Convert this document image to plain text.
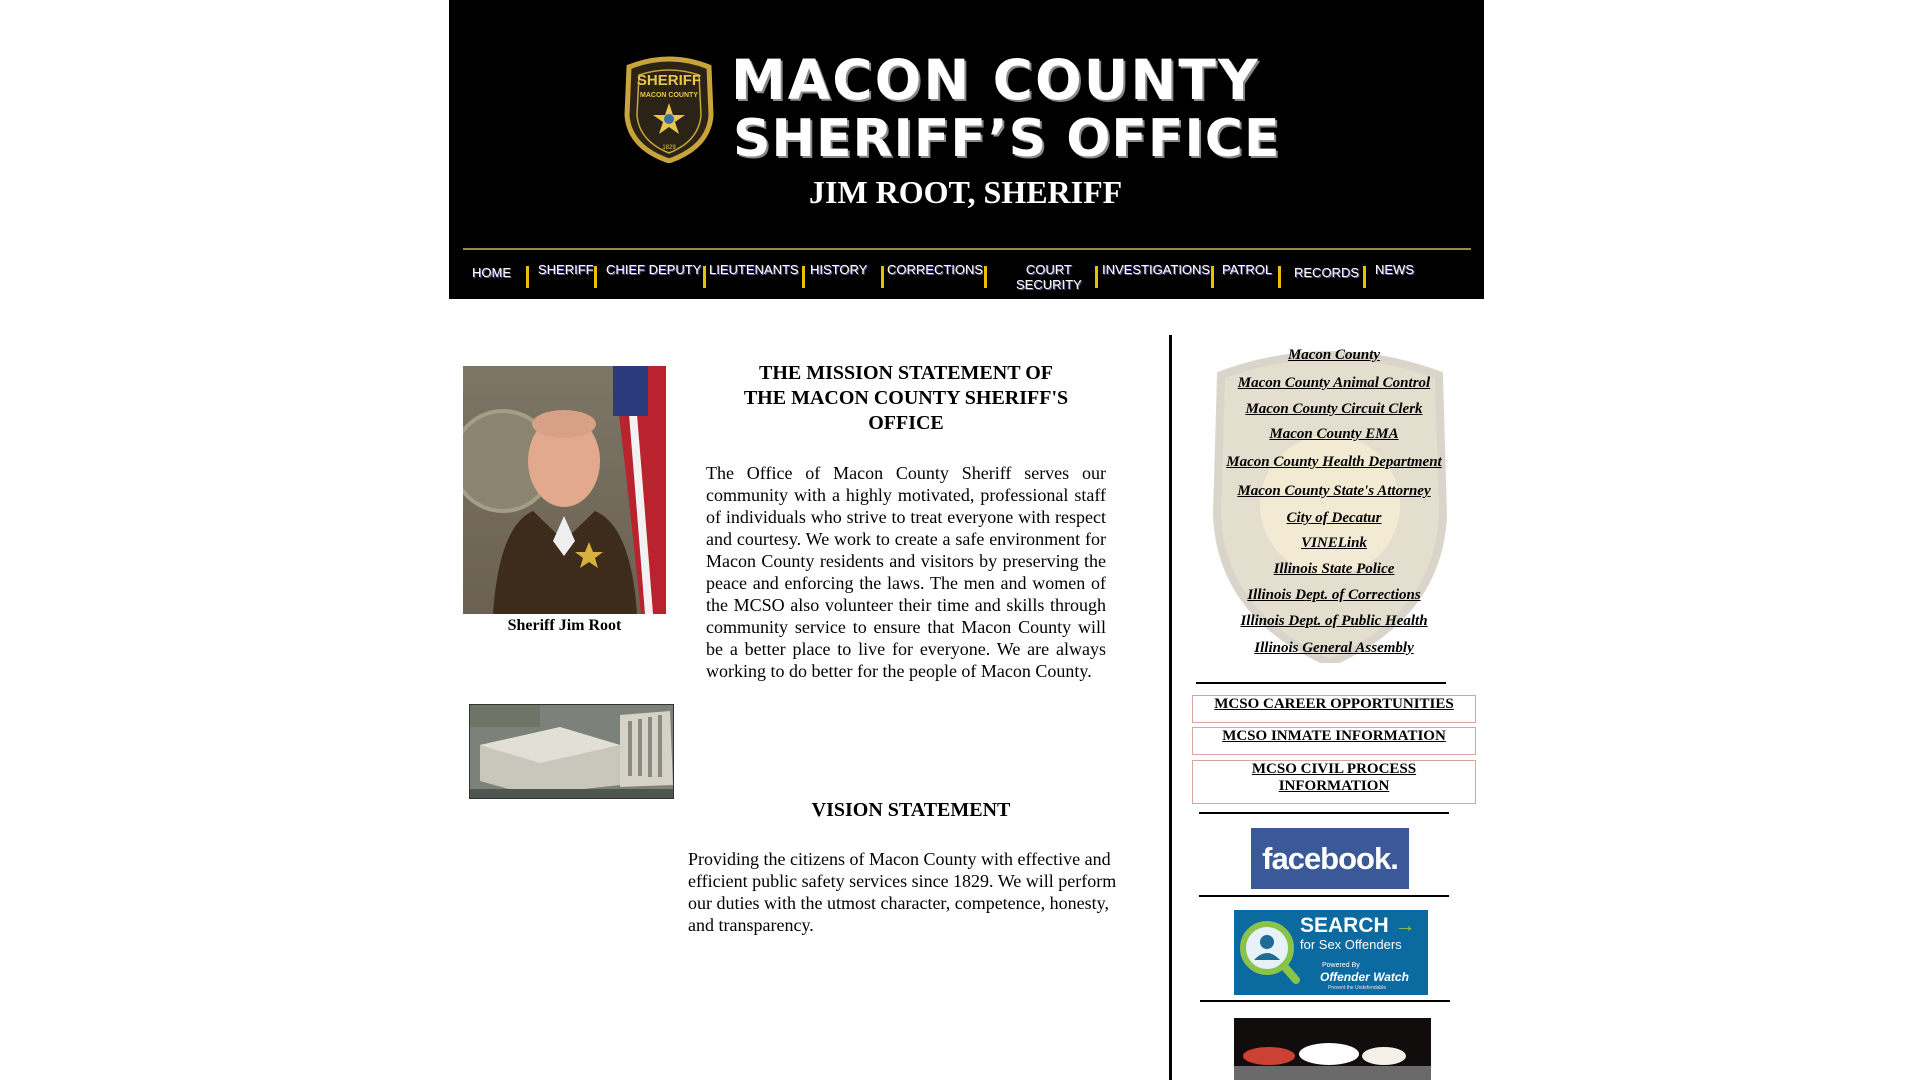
SHERIFF
MACON COUNTY
1829
MACON COUNTY
SHERIFF’S OFFICE
JIM ROOT, SHERIFF
HOME SHERIFF CHIEF DEPUTY LIEUTENANTS HISTORY CORRECTIONS	COURT
SECURITY
INVESTIGATIONS PATROL RECORDS NEWS
Sheriff Jim Root
THE MISSION STATEMENT OF
THE MACON COUNTY SHERIFF'S
OFFICE
The Office of Macon County Sheriff serves our community with a highly motivated, professional staff of individuals who strive to treat everyone with respect and courtesy. We work to create a safe environment for Macon County residents and visitors by preserving the peace and enforcing the laws. The men and women of the MCSO also volunteer their time and skills through community service to ensure that Macon County will be a better place to live for everyone. We are always working to do better for the people of Macon County.
VISION STATEMENT
Providing the citizens of Macon County with effective and efficient public safety services since 1829. We will perform our duties with the utmost character, competence, honesty, and transparency.
Macon County
Macon County Animal Control
Macon County Circuit Clerk
Macon County EMA
Macon County Health Department
Macon County State's Attorney
City of Decatur
VINELink
Illinois State Police
Illinois Dept. of Corrections
Illinois Dept. of Public Health
Illinois General Assembly
MCSO CAREER OPPORTUNITIES
MCSO INMATE INFORMATION
MCSO CIVIL PROCESS
INFORMATION
facebook.
SEARCH →
for Sex Offenders
Powered By
Offender Watch
Prevent the Undefendable
